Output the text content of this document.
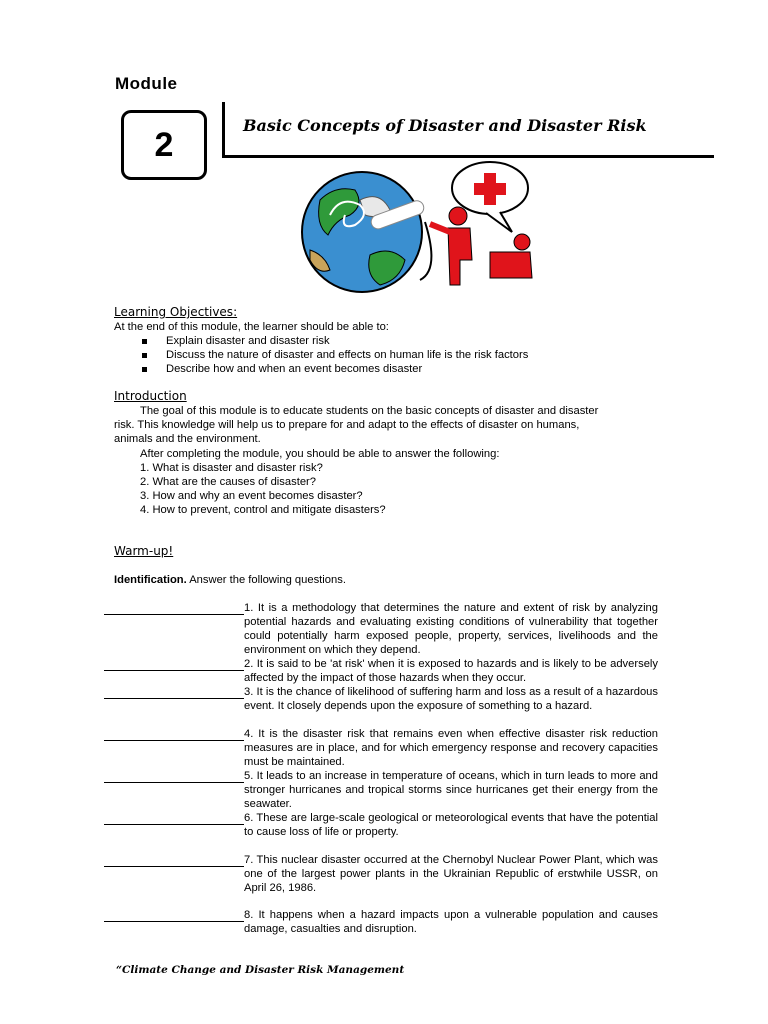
Module
2
Basic Concepts of Disaster and Disaster Risk
Learning Objectives:
At the end of this module, the learner should be able to:
Explain disaster and disaster risk
Discuss the nature of disaster and effects on human life is the risk factors
Describe how and when an event becomes disaster
Introduction
The goal of this module is to educate students on the basic concepts of disaster and disaster
risk. This knowledge will help us to prepare for and adapt to the effects of disaster on humans,
animals and the environment.
After completing the module, you should be able to answer the following:
1. What is disaster and disaster risk?
2. What are the causes of disaster?
3. How and why an event becomes disaster?
4. How to prevent, control and mitigate disasters?
Warm-up!
Identification. Answer the following questions.
1. It is a methodology that determines the nature and extent of risk by analyzing potential hazards and evaluating existing conditions of vulnerability that together could potentially harm exposed people, property, services, livelihoods and the environment on which they depend.
2. It is said to be 'at risk' when it is exposed to hazards and is likely to be adversely affected by the impact of those hazards when they occur.
3. It is the chance of likelihood of suffering harm and loss as a result of a hazardous event. It closely depends upon the exposure of something to a hazard.
4. It is the disaster risk that remains even when effective disaster risk reduction measures are in place, and for which emergency response and recovery capacities must be maintained.
5. It leads to an increase in temperature of oceans, which in turn leads to more and stronger hurricanes and tropical storms since hurricanes get their energy from the seawater.
6. These are large-scale geological or meteorological events that have the potential to cause loss of life or property.
7. This nuclear disaster occurred at the Chernobyl Nuclear Power Plant, which was one of the largest power plants in the Ukrainian Republic of erstwhile USSR, on April 26, 1986.
8. It happens when a hazard impacts upon a vulnerable population and causes damage, casualties and disruption.
“Climate Change and Disaster Risk Management
